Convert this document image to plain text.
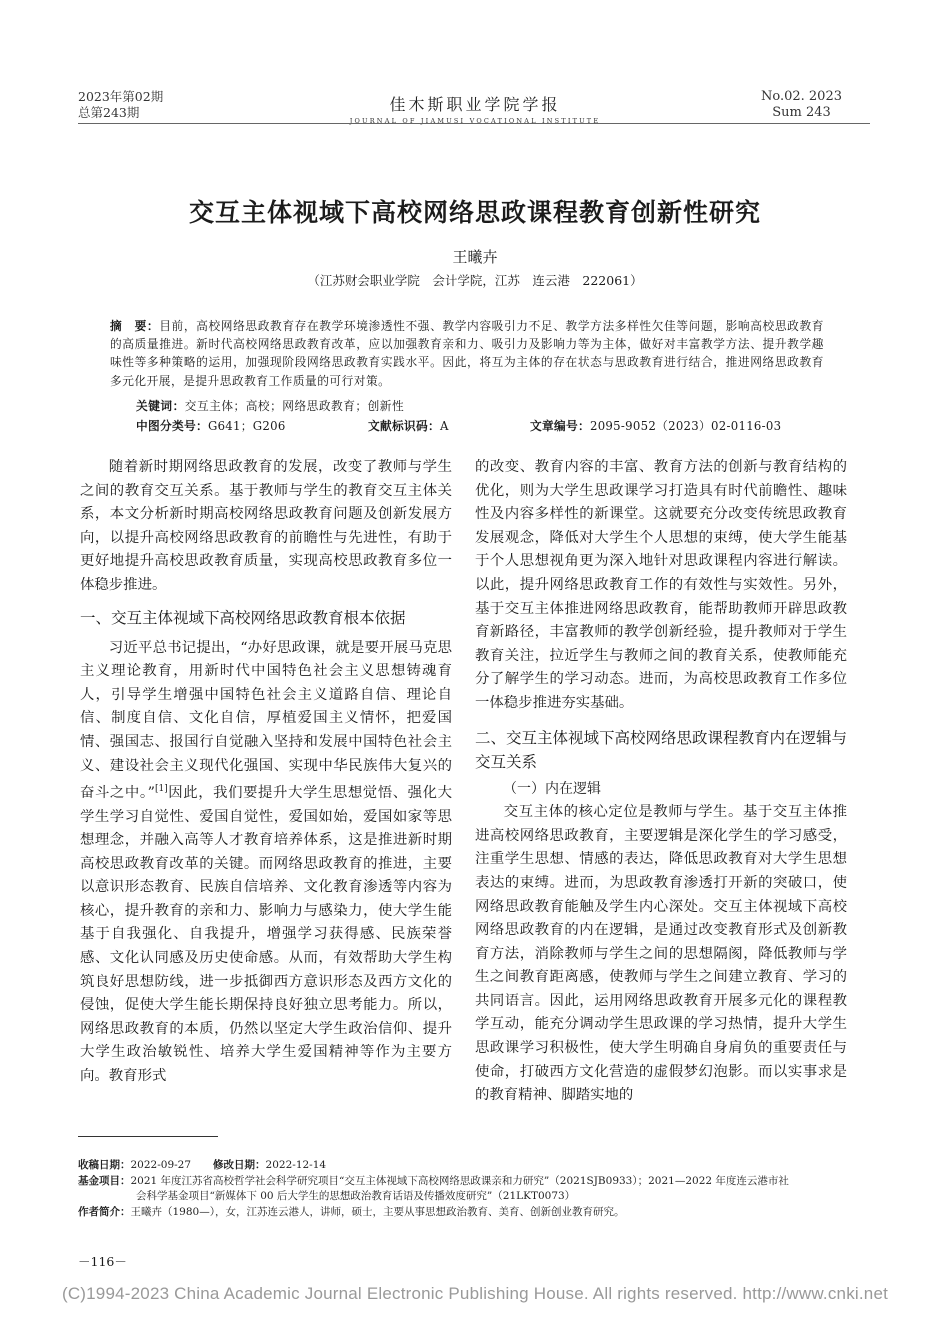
2023年第02期
总第243期	佳木斯职业学院学报
JOURNAL OF JIAMUSI VOCATIONAL INSTITUTE
No.02. 2023
Sum 243
交互主体视域下高校网络思政课程教育创新性研究
王曦卉
（江苏财会职业学院　会计学院，江苏　连云港　222061）
摘　要：目前，高校网络思政教育存在教学环境渗透性不强、教学内容吸引力不足、教学方法多样性欠佳等问题，影响高校思政教育的高质量推进。新时代高校网络思政教育改革，应以加强教育亲和力、吸引力及影响力等为主体，做好对丰富教学方法、提升教学趣味性等多种策略的运用，加强现阶段网络思政教育实践水平。因此，将互为主体的存在状态与思政教育进行结合，推进网络思政教育多元化开展，是提升思政教育工作质量的可行对策。
关键词：交互主体；高校；网络思政教育；创新性
中图分类号：G641；G206	文献标识码：A	文章编号：2095-9052（2023）02-0116-03

随着新时期网络思政教育的发展，改变了教师与学生之间的教育交互关系。基于教师与学生的教育交互主体关系，本文分析新时期高校网络思政教育问题及创新发展方向，以提升高校网络思政教育的前瞻性与先进性，有助于更好地提升高校思政教育质量，实现高校思政教育多位一体稳步推进。

一、交互主体视域下高校网络思政教育根本依据

习近平总书记提出，“办好思政课，就是要开展马克思主义理论教育，用新时代中国特色社会主义思想铸魂育人，引导学生增强中国特色社会主义道路自信、理论自信、制度自信、文化自信，厚植爱国主义情怀，把爱国情、强国志、报国行自觉融入坚持和发展中国特色社会主义、建设社会主义现代化强国、实现中华民族伟大复兴的奋斗之中。”[1]因此，我们要提升大学生思想觉悟、强化大学生学习自觉性、爱国自觉性，爱国如始，爱国如家等思想理念，并融入高等人才教育培养体系，这是推进新时期高校思政教育改革的关键。而网络思政教育的推进，主要以意识形态教育、民族自信培养、文化教育渗透等内容为核心，提升教育的亲和力、影响力与感染力，使大学生能基于自我强化、自我提升，增强学习获得感、民族荣誉感、文化认同感及历史使命感。从而，有效帮助大学生构筑良好思想防线，进一步抵御西方意识形态及西方文化的侵蚀，促使大学生能长期保持良好独立思考能力。所以，网络思政教育的本质，仍然以坚定大学生政治信仰、提升大学生政治敏锐性、培养大学生爱国精神等作为主要方向。教育形式

的改变、教育内容的丰富、教育方法的创新与教育结构的优化，则为大学生思政课学习打造具有时代前瞻性、趣味性及内容多样性的新课堂。这就要充分改变传统思政教育发展观念，降低对大学生个人思想的束缚，使大学生能基于个人思想视角更为深入地针对思政课程内容进行解读。以此，提升网络思政教育工作的有效性与实效性。另外，基于交互主体推进网络思政教育，能帮助教师开辟思政教育新路径，丰富教师的教学创新经验，提升教师对于学生教育关注，拉近学生与教师之间的教育关系，使教师能充分了解学生的学习动态。进而，为高校思政教育工作多位一体稳步推进夯实基础。

二、交互主体视域下高校网络思政课程教育内在逻辑与交互关系
（一）内在逻辑

交互主体的核心定位是教师与学生。基于交互主体推进高校网络思政教育，主要逻辑是深化学生的学习感受，注重学生思想、情感的表达，降低思政教育对大学生思想表达的束缚。进而，为思政教育渗透打开新的突破口，使网络思政教育能触及学生内心深处。交互主体视域下高校网络思政教育的内在逻辑，是通过改变教育形式及创新教育方法，消除教师与学生之间的思想隔阂，降低教师与学生之间教育距离感，使教师与学生之间建立教育、学习的共同语言。因此，运用网络思政教育开展多元化的课程教学互动，能充分调动学生思政课的学习热情，提升大学生思政课学习积极性，使大学生明确自身肩负的重要责任与使命，打破西方文化营造的虚假梦幻泡影。而以实事求是的教育精神、脚踏实地的

收稿日期：2022-09-27 修改日期：2022-12-14
基金项目：2021 年度江苏省高校哲学社会科学研究项目“交互主体视域下高校网络思政课亲和力研究”（2021SJB0933）；2021—2022 年度连云港市社
会科学基金项目“新媒体下 00 后大学生的思想政治教育话语及传播效度研究”（21LKT0073）
作者简介：王曦卉（1980—），女，江苏连云港人，讲师，硕士，主要从事思想政治教育、美育、创新创业教育研究。
－116－
(C)1994-2023 China Academic Journal Electronic Publishing House. All rights reserved. http://www.cnki.net
